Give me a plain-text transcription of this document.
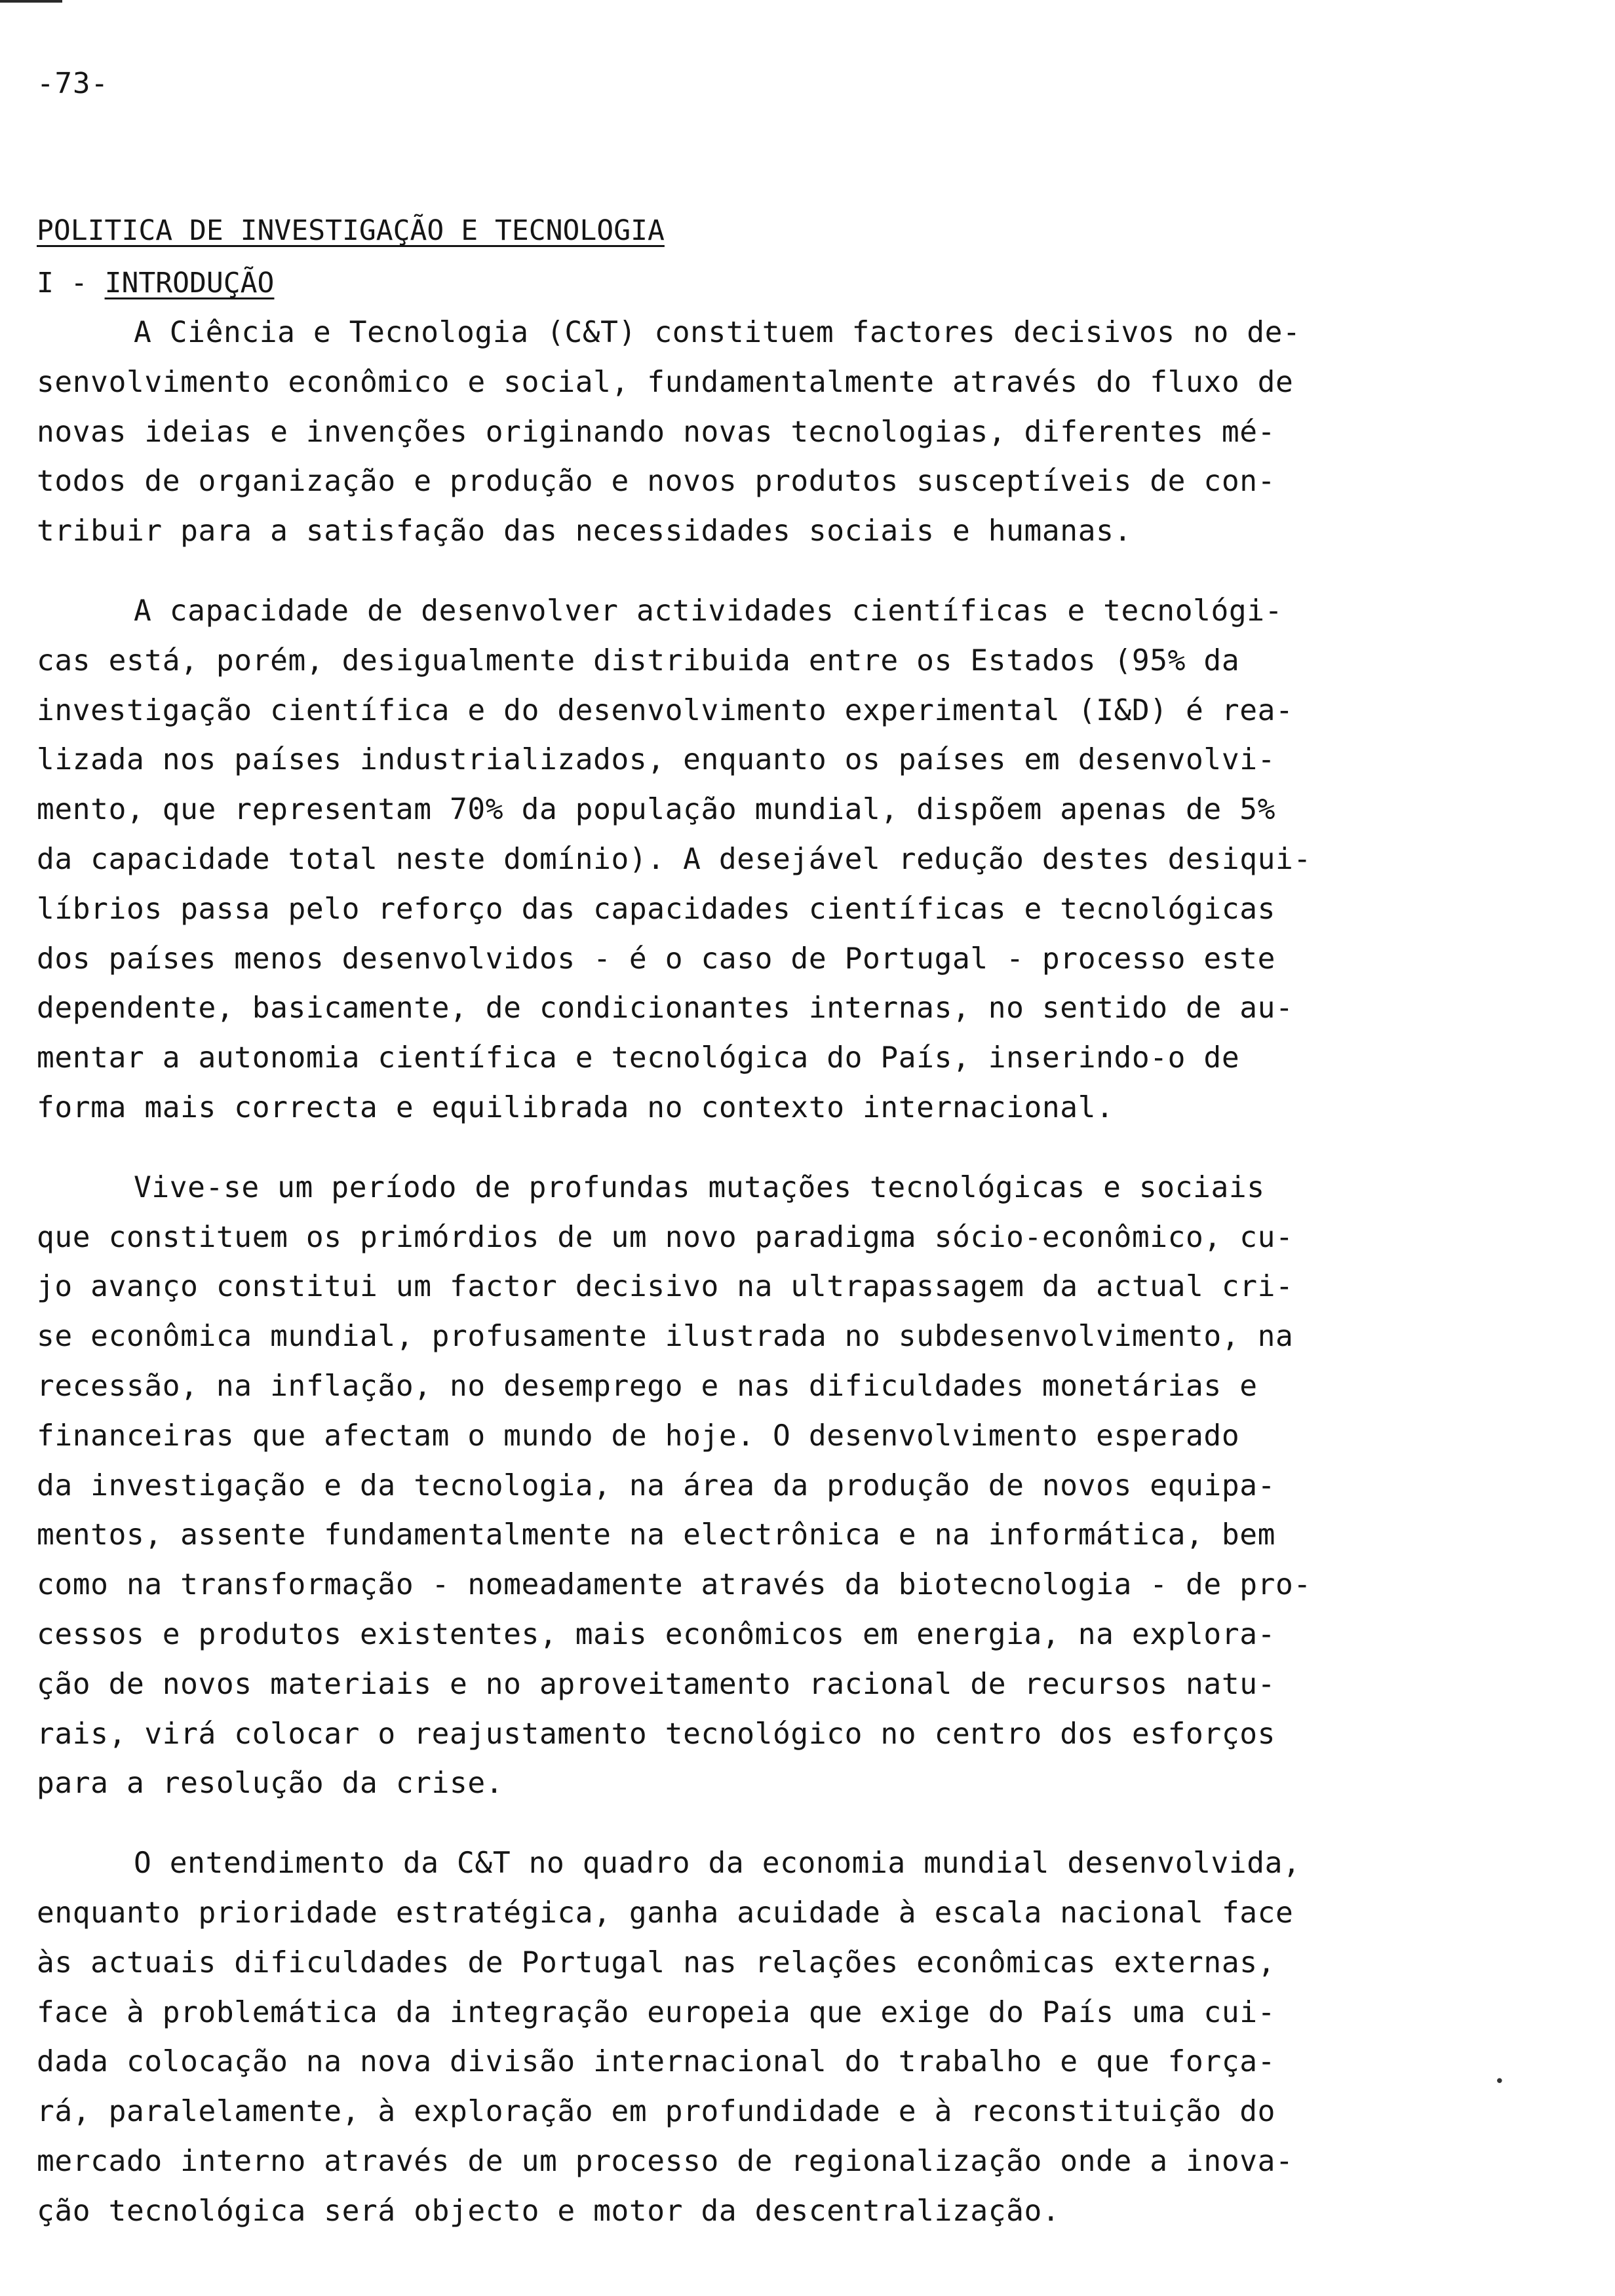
-73-

POLITICA DE INVESTIGAÇÃO E TECNOLOGIA
I - INTRODUÇÃO
A Ciência e Tecnologia (C&T) constituem factores decisivos no de-
senvolvimento econômico e social, fundamentalmente através do fluxo de
novas ideias e invenções originando novas tecnologias, diferentes mé-
todos de organização e produção e novos produtos susceptíveis de con-
tribuir para a satisfação das necessidades sociais e humanas.
A capacidade de desenvolver actividades científicas e tecnológi-
cas está, porém, desigualmente distribuida entre os Estados (95% da
investigação científica e do desenvolvimento experimental (I&D) é rea-
lizada nos países industrializados, enquanto os países em desenvolvi-
mento, que representam 70% da população mundial, dispõem apenas de 5%
da capacidade total neste domínio). A desejável redução destes desiqui-
líbrios passa pelo reforço das capacidades científicas e tecnológicas
dos países menos desenvolvidos - é o caso de Portugal - processo este
dependente, basicamente, de condicionantes internas, no sentido de au-
mentar a autonomia científica e tecnológica do País, inserindo-o de
forma mais correcta e equilibrada no contexto internacional.
Vive-se um período de profundas mutações tecnológicas e sociais
que constituem os primórdios de um novo paradigma sócio-econômico, cu-
jo avanço constitui um factor decisivo na ultrapassagem da actual cri-
se econômica mundial, profusamente ilustrada no subdesenvolvimento, na
recessão, na inflação, no desemprego e nas dificuldades monetárias e
financeiras que afectam o mundo de hoje. O desenvolvimento esperado
da investigação e da tecnologia, na área da produção de novos equipa-
mentos, assente fundamentalmente na electrônica e na informática, bem
como na transformação - nomeadamente através da biotecnologia - de pro-
cessos e produtos existentes, mais econômicos em energia, na explora-
ção de novos materiais e no aproveitamento racional de recursos natu-
rais, virá colocar o reajustamento tecnológico no centro dos esforços
para a resolução da crise.
O entendimento da C&T no quadro da economia mundial desenvolvida,
enquanto prioridade estratégica, ganha acuidade à escala nacional face
às actuais dificuldades de Portugal nas relações econômicas externas,
face à problemática da integração europeia que exige do País uma cui-
dada colocação na nova divisão internacional do trabalho e que força-
rá, paralelamente, à exploração em profundidade e à reconstituição do
mercado interno através de um processo de regionalização onde a inova-
ção tecnológica será objecto e motor da descentralização.
•
